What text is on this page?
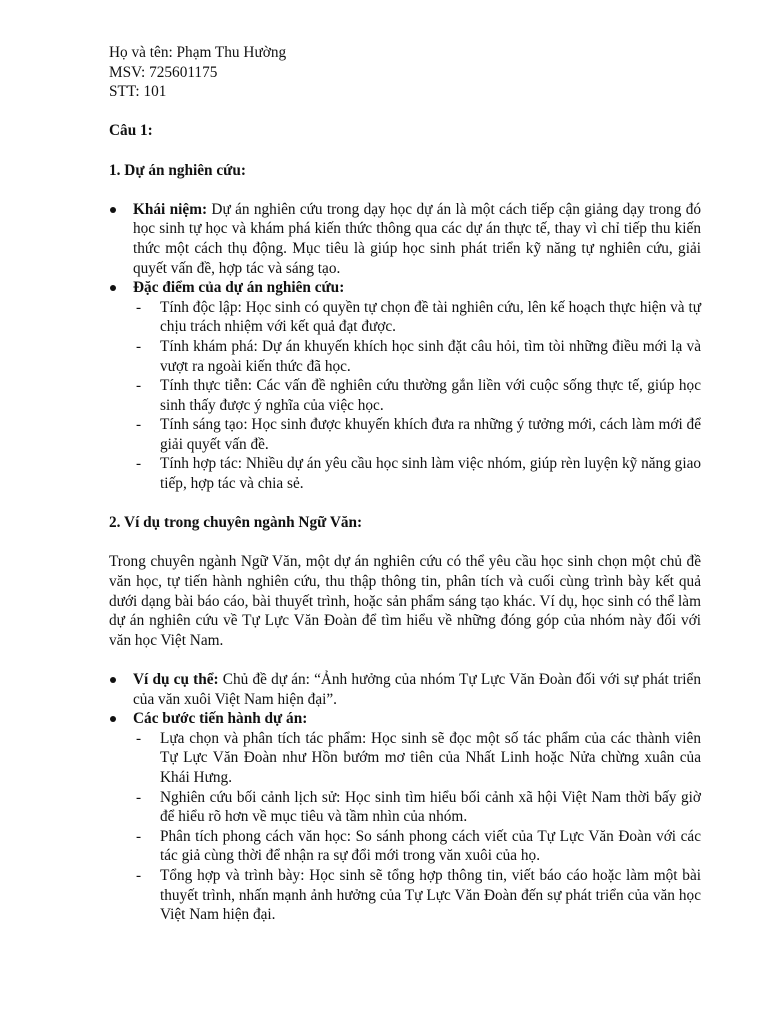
Họ và tên: Phạm Thu Hường

MSV: 725601175

STT: 101

Câu 1:

1. Dự án nghiên cứu:

Khái niệm: Dự án nghiên cứu trong dạy học dự án là một cách tiếp cận giảng dạy trong đó học sinh tự học và khám phá kiến thức thông qua các dự án thực tế, thay vì chỉ tiếp thu kiến thức một cách thụ động. Mục tiêu là giúp học sinh phát triển kỹ năng tự nghiên cứu, giải quyết vấn đề, hợp tác và sáng tạo.
Đặc điểm của dự án nghiên cứu:
- Tính độc lập: Học sinh có quyền tự chọn đề tài nghiên cứu, lên kế hoạch thực hiện và tự chịu trách nhiệm với kết quả đạt được.
- Tính khám phá: Dự án khuyến khích học sinh đặt câu hỏi, tìm tòi những điều mới lạ và vượt ra ngoài kiến thức đã học.
- Tính thực tiễn: Các vấn đề nghiên cứu thường gắn liền với cuộc sống thực tế, giúp học sinh thấy được ý nghĩa của việc học.
- Tính sáng tạo: Học sinh được khuyến khích đưa ra những ý tưởng mới, cách làm mới để giải quyết vấn đề.
- Tính hợp tác: Nhiều dự án yêu cầu học sinh làm việc nhóm, giúp rèn luyện kỹ năng giao tiếp, hợp tác và chia sẻ.

2. Ví dụ trong chuyên ngành Ngữ Văn:

Trong chuyên ngành Ngữ Văn, một dự án nghiên cứu có thể yêu cầu học sinh chọn một chủ đề văn học, tự tiến hành nghiên cứu, thu thập thông tin, phân tích và cuối cùng trình bày kết quả dưới dạng bài báo cáo, bài thuyết trình, hoặc sản phẩm sáng tạo khác. Ví dụ, học sinh có thể làm dự án nghiên cứu về Tự Lực Văn Đoàn để tìm hiểu về những đóng góp của nhóm này đối với văn học Việt Nam.

Ví dụ cụ thể: Chủ đề dự án: “Ảnh hưởng của nhóm Tự Lực Văn Đoàn đối với sự phát triển của văn xuôi Việt Nam hiện đại”.
Các bước tiến hành dự án:
- Lựa chọn và phân tích tác phẩm: Học sinh sẽ đọc một số tác phẩm của các thành viên Tự Lực Văn Đoàn như Hồn bướm mơ tiên của Nhất Linh hoặc Nửa chừng xuân của Khái Hưng.
- Nghiên cứu bối cảnh lịch sử: Học sinh tìm hiểu bối cảnh xã hội Việt Nam thời bấy giờ để hiểu rõ hơn về mục tiêu và tầm nhìn của nhóm.
- Phân tích phong cách văn học: So sánh phong cách viết của Tự Lực Văn Đoàn với các tác giả cùng thời để nhận ra sự đổi mới trong văn xuôi của họ.
- Tổng hợp và trình bày: Học sinh sẽ tổng hợp thông tin, viết báo cáo hoặc làm một bài thuyết trình, nhấn mạnh ảnh hưởng của Tự Lực Văn Đoàn đến sự phát triển của văn học Việt Nam hiện đại.
